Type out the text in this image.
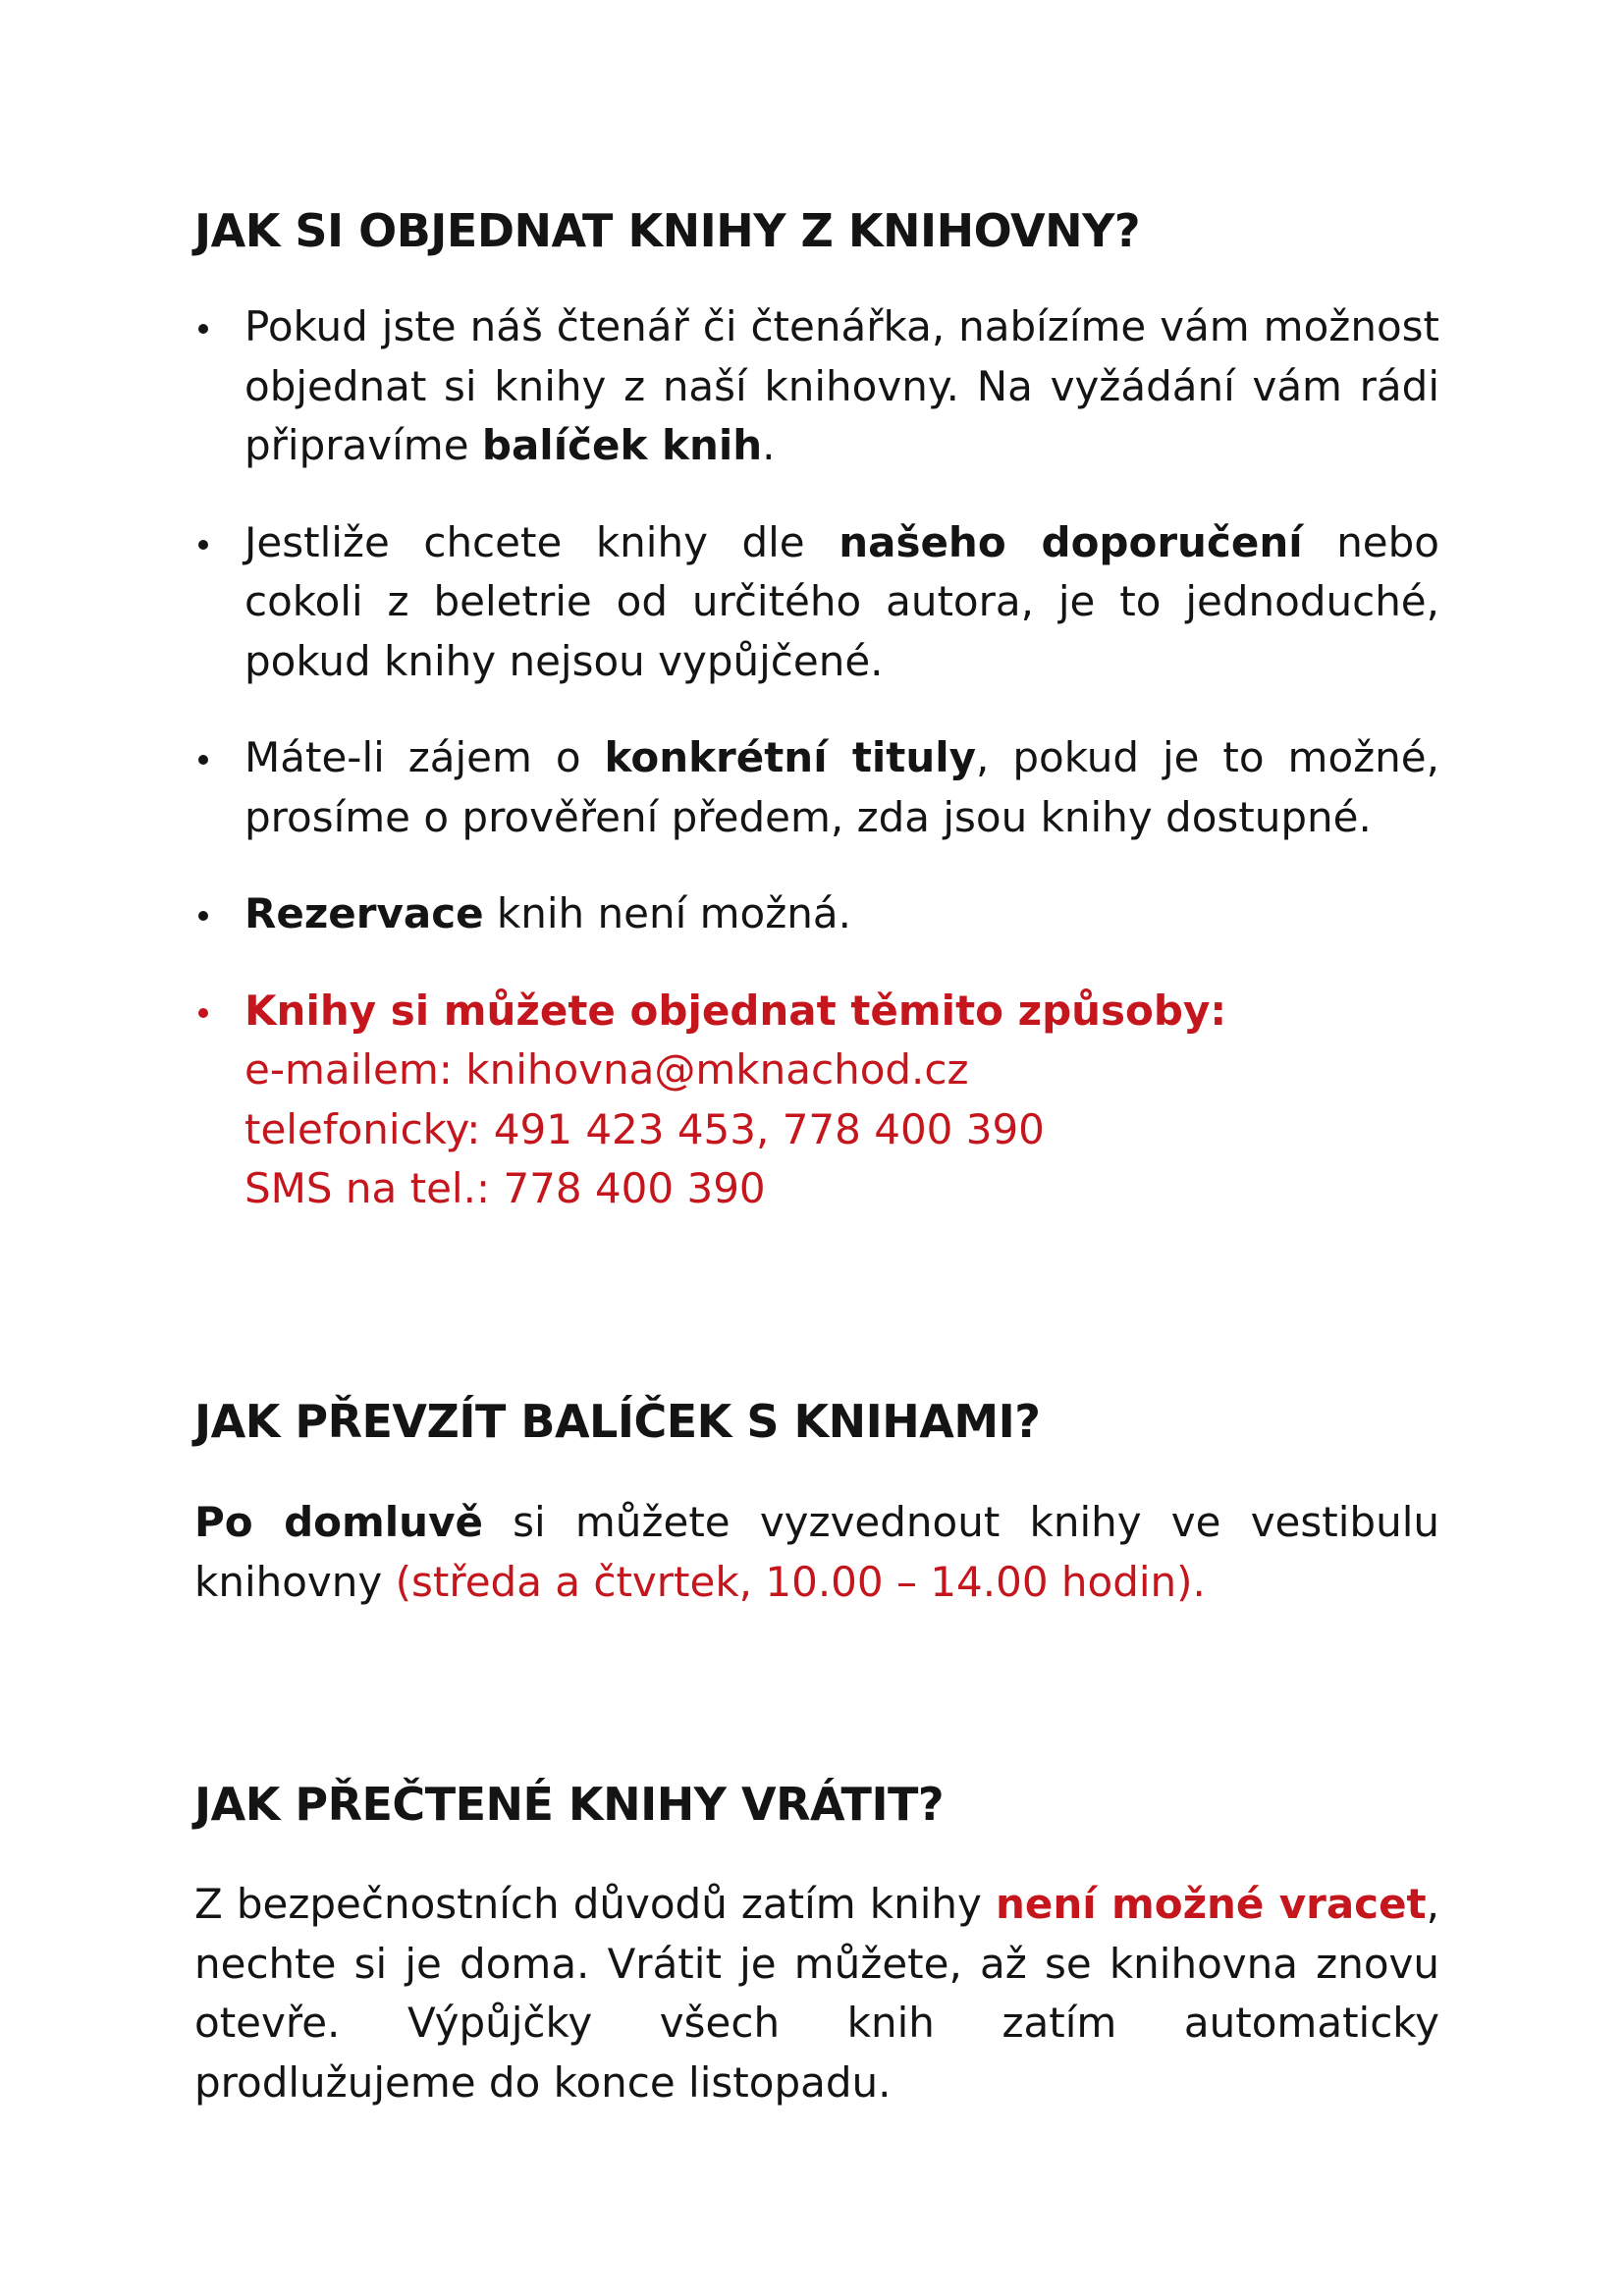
JAK SI OBJEDNAT KNIHY Z KNIHOVNY?
Pokud jste náš čtenář či čtenářka, nabízíme vám možnost objednat si knihy z naší knihovny. Na vyžádání vám rádi připravíme balíček knih.
Jestliže chcete knihy dle našeho doporučení nebo cokoli z beletrie od určitého autora, je to jednoduché, pokud knihy nejsou vypůjčené.
Máte-li zájem o konkrétní tituly, pokud je to možné, prosíme o prověření předem, zda jsou knihy dostupné.
Rezervace knih není možná.
Knihy si můžete objednat těmito způsoby:
e-mailem: knihovna@mknachod.cz
telefonicky: 491 423 453, 778 400 390
SMS na tel.: 778 400 390
JAK PŘEVZÍT BALÍČEK S KNIHAMI?

Po domluvě si můžete vyzvednout knihy ve vestibulu knihovny (středa a čtvrtek, 10.00 – 14.00 hodin).

JAK PŘEČTENÉ KNIHY VRÁTIT?

Z bezpečnostních důvodů zatím knihy není možné vracet, nechte si je doma. Vrátit je můžete, až se knihovna znovu otevře. Výpůjčky všech knih zatím automaticky prodlužujeme do konce listopadu.
